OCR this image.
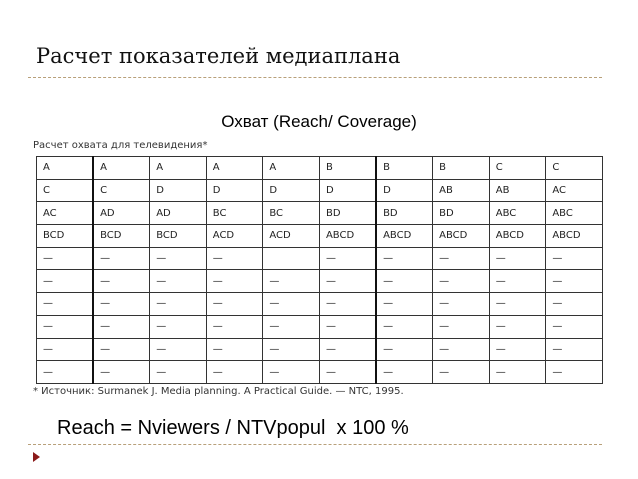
Расчет показателей медиаплана
Охват (Reach/ Coverage)
Расчет охвата для телевидения*
A	A	A	A	A	B	B	B	C	C
C	C	D	D	D	D	D	AB	AB	AC
AC	AD	AD	BC	BC	BD	BD	BD	ABC	ABC
BCD	BCD	BCD	ACD	ACD	ABCD	ABCD	ABCD	ABCD	ABCD
—	—	—	—		—	—	—	—	—
—	—	—	—	—	—	—	—	—	—
—	—	—	—	—	—	—	—	—	—
—	—	—	—	—	—	—	—	—	—
—	—	—	—	—	—	—	—	—	—
—	—	—	—	—	—	—	—	—	—
* Источник: Surmanek J. Media planning. A Practical Guide. — NTC, 1995.
Reach = Nviewers / NTVpopul  x 100 %
